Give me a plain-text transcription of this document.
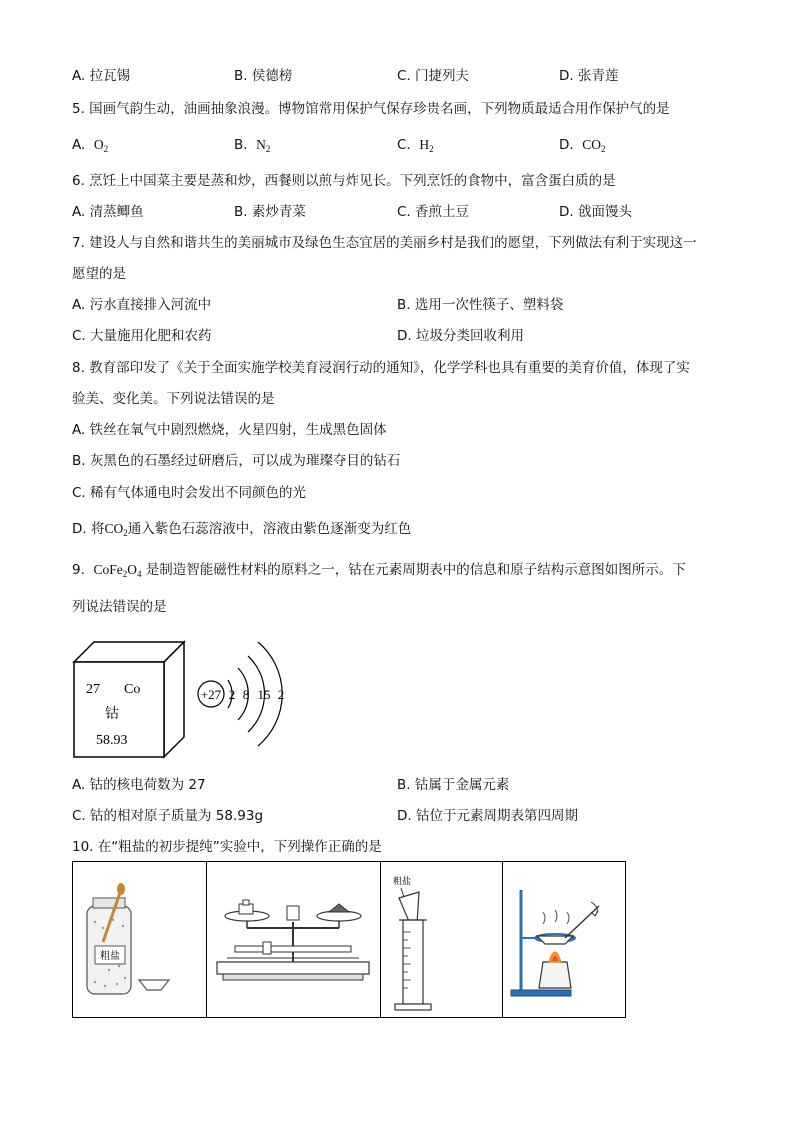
A. 拉瓦锡	B. 侯德榜	C. 门捷列夫	D. 张青莲
5. 国画气韵生动，油画抽象浪漫。博物馆常用保护气保存珍贵名画，下列物质最适合用作保护气的是
A. $O_2$	B. $N_2$	C. $H_2$	D. $CO_2$
6. 烹饪上中国菜主要是蒸和炒，西餐则以煎与炸见长。下列烹饪的食物中，富含蛋白质的是
A. 清蒸鲫鱼	B. 素炒青菜	C. 香煎土豆	D. 戗面馒头
7. 建设人与自然和谐共生的美丽城市及绿色生态宜居的美丽乡村是我们的愿望，下列做法有利于实现这一
愿望的是
A. 污水直接排入河流中	B. 选用一次性筷子、塑料袋
C. 大量施用化肥和农药	D. 垃圾分类回收利用
8. 教育部印发了《关于全面实施学校美育浸润行动的通知》，化学学科也具有重要的美育价值，体现了实
验美、变化美。下列说法错误的是
A. 铁丝在氧气中剧烈燃烧，火星四射，生成黑色固体
B. 灰黑色的石墨经过研磨后，可以成为璀璨夺目的钻石
C. 稀有气体通电时会发出不同颜色的光
D. 将$CO_2$通入紫色石蕊溶液中，溶液由紫色逐渐变为红色
9. $CoFe_2O_4$ 是制造智能磁性材料的原料之一，钴在元素周期表中的信息和原子结构示意图如图所示。下
列说法错误的是
27 Co
钴
58.93
+27 2 8 15 2
A. 钴的核电荷数为 27	B. 钴属于金属元素
C. 钴的相对原子质量为 58.93g	D. 钴位于元素周期表第四周期
10. 在“粗盐的初步提纯”实验中，下列操作正确的是
粗盐
粗盐
